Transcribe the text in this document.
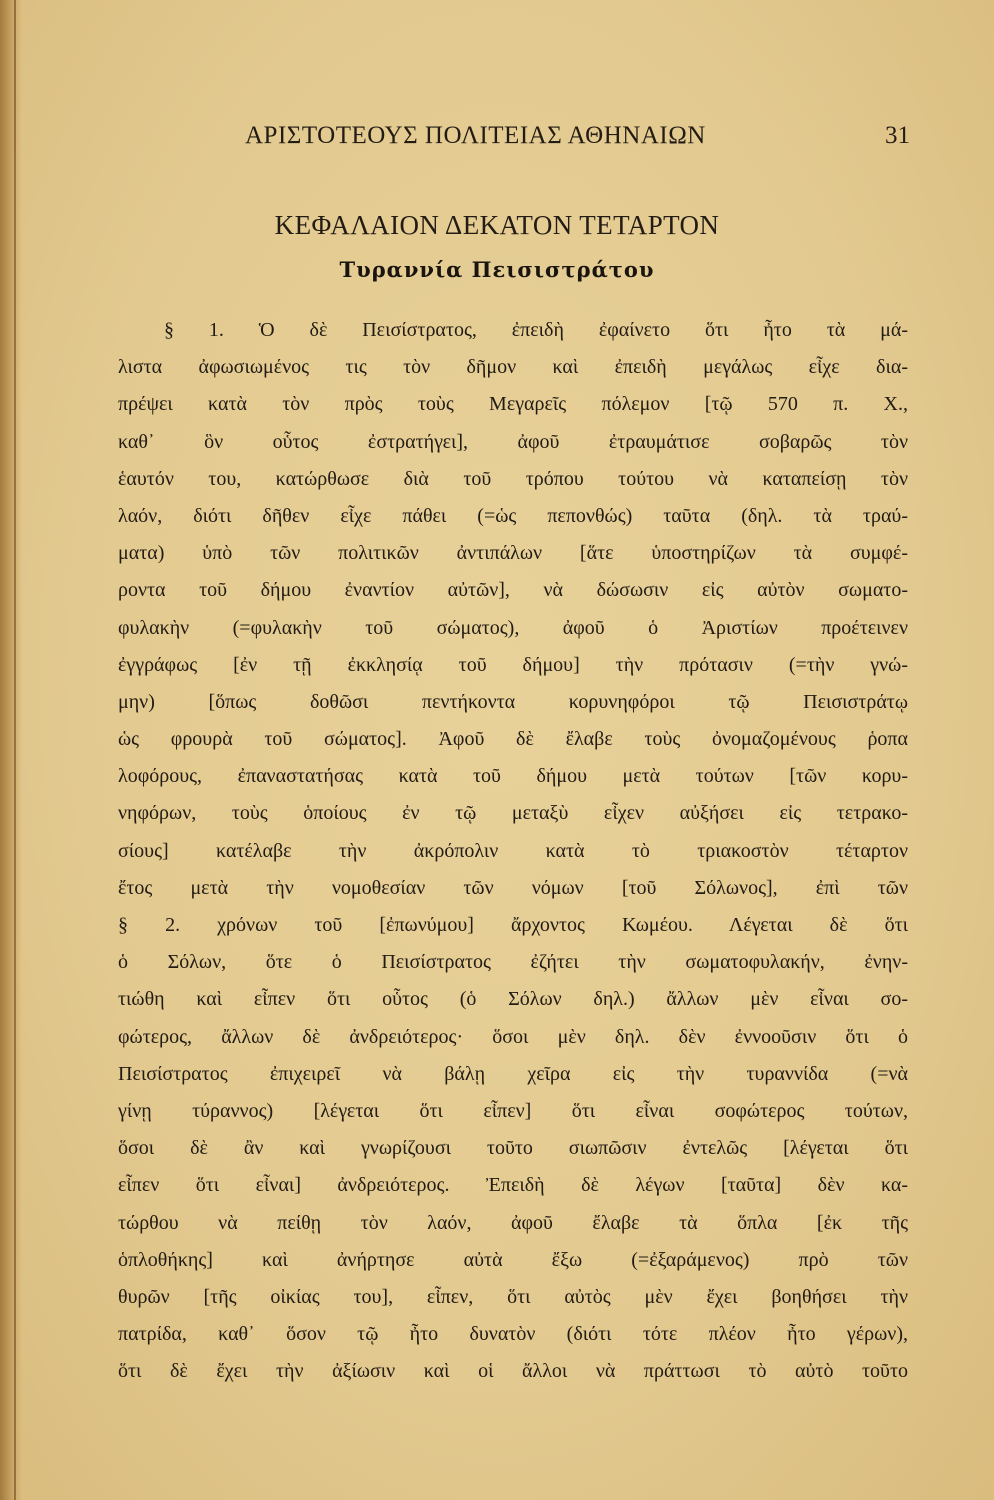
ΑΡΙΣΤΟΤΕΟΥΣ ΠΟΛΙΤΕΙΑΣ ΑΘΗΝΑΙΩΝ	31
ΚΕΦΑΛΑΙΟΝ ΔΕΚΑΤΟΝ ΤΕΤΑΡΤΟΝ
Τυραννία Πεισιστράτου
§ 1. Ὁ δὲ Πεισίστρατος, ἐπειδὴ ἐφαίνετο ὅτι ἦτο τὰ μά-
λιστα ἀφωσιωμένος τις τὸν δῆμον καὶ ἐπειδὴ μεγάλως εἶχε δια-
πρέψει κατὰ τὸν πρὸς τοὺς Μεγαρεῖς πόλεμον [τῷ 570 π. Χ.,
καθ᾽ ὃν οὗτος ἐστρατήγει], ἀφοῦ ἐτραυμάτισε σοβαρῶς τὸν
ἑαυτόν του, κατώρθωσε διὰ τοῦ τρόπου τούτου νὰ καταπείσῃ τὸν
λαόν, διότι δῆθεν εἶχε πάθει (=ὡς πεπονθώς) ταῦτα (δηλ. τὰ τραύ-
ματα) ὑπὸ τῶν πολιτικῶν ἀντιπάλων [ἅτε ὑποστηρίζων τὰ συμφέ-
ροντα τοῦ δήμου ἐναντίον αὐτῶν], νὰ δώσωσιν εἰς αὐτὸν σωματο-
φυλακὴν (=φυλακὴν τοῦ σώματος), ἀφοῦ ὁ Ἀριστίων προέτεινεν
ἐγγράφως [ἐν τῇ ἐκκλησίᾳ τοῦ δήμου] τὴν πρότασιν (=τὴν γνώ-
μην) [ὅπως δοθῶσι πεντήκοντα κορυνηφόροι τῷ Πεισιστράτῳ
ὡς φρουρὰ τοῦ σώματος]. Ἀφοῦ δὲ ἔλαβε τοὺς ὀνομαζομένους ῥοπα
λοφόρους, ἐπαναστατήσας κατὰ τοῦ δήμου μετὰ τούτων [τῶν κορυ-
νηφόρων, τοὺς ὁποίους ἐν τῷ μεταξὺ εἶχεν αὐξήσει εἰς τετρακο-
σίους] κατέλαβε τὴν ἀκρόπολιν κατὰ τὸ τριακοστὸν τέταρτον
ἔτος μετὰ τὴν νομοθεσίαν τῶν νόμων [τοῦ Σόλωνος], ἐπὶ τῶν
§ 2. χρόνων τοῦ [ἐπωνύμου] ἄρχοντος Κωμέου. Λέγεται δὲ ὅτι
ὁ Σόλων, ὅτε ὁ Πεισίστρατος ἐζήτει τὴν σωματοφυλακήν, ἐνην-
τιώθη καὶ εἶπεν ὅτι οὗτος (ὁ Σόλων δηλ.) ἄλλων μὲν εἶναι σο-
φώτερος, ἄλλων δὲ ἀνδρειότερος· ὅσοι μὲν δηλ. δὲν ἐννοοῦσιν ὅτι ὁ
Πεισίστρατος ἐπιχειρεῖ νὰ βάλῃ χεῖρα εἰς τὴν τυραννίδα (=νὰ
γίνῃ τύραννος) [λέγεται ὅτι εἶπεν] ὅτι εἶναι σοφώτερος τούτων,
ὅσοι δὲ ἂν καὶ γνωρίζουσι τοῦτο σιωπῶσιν ἐντελῶς [λέγεται ὅτι
εἶπεν ὅτι εἶναι] ἀνδρειότερος. Ἐπειδὴ δὲ λέγων [ταῦτα] δὲν κα-
τώρθου νὰ πείθῃ τὸν λαόν, ἀφοῦ ἔλαβε τὰ ὅπλα [ἐκ τῆς
ὁπλοθήκης] καὶ ἀνήρτησε αὐτὰ ἔξω (=ἐξαράμενος) πρὸ τῶν
θυρῶν [τῆς οἰκίας του], εἶπεν, ὅτι αὐτὸς μὲν ἔχει βοηθήσει τὴν
πατρίδα, καθ᾽ ὅσον τῷ ἦτο δυνατὸν (διότι τότε πλέον ἦτο γέρων),
ὅτι δὲ ἔχει τὴν ἀξίωσιν καὶ οἱ ἄλλοι νὰ πράττωσι τὸ αὐτὸ τοῦτο
